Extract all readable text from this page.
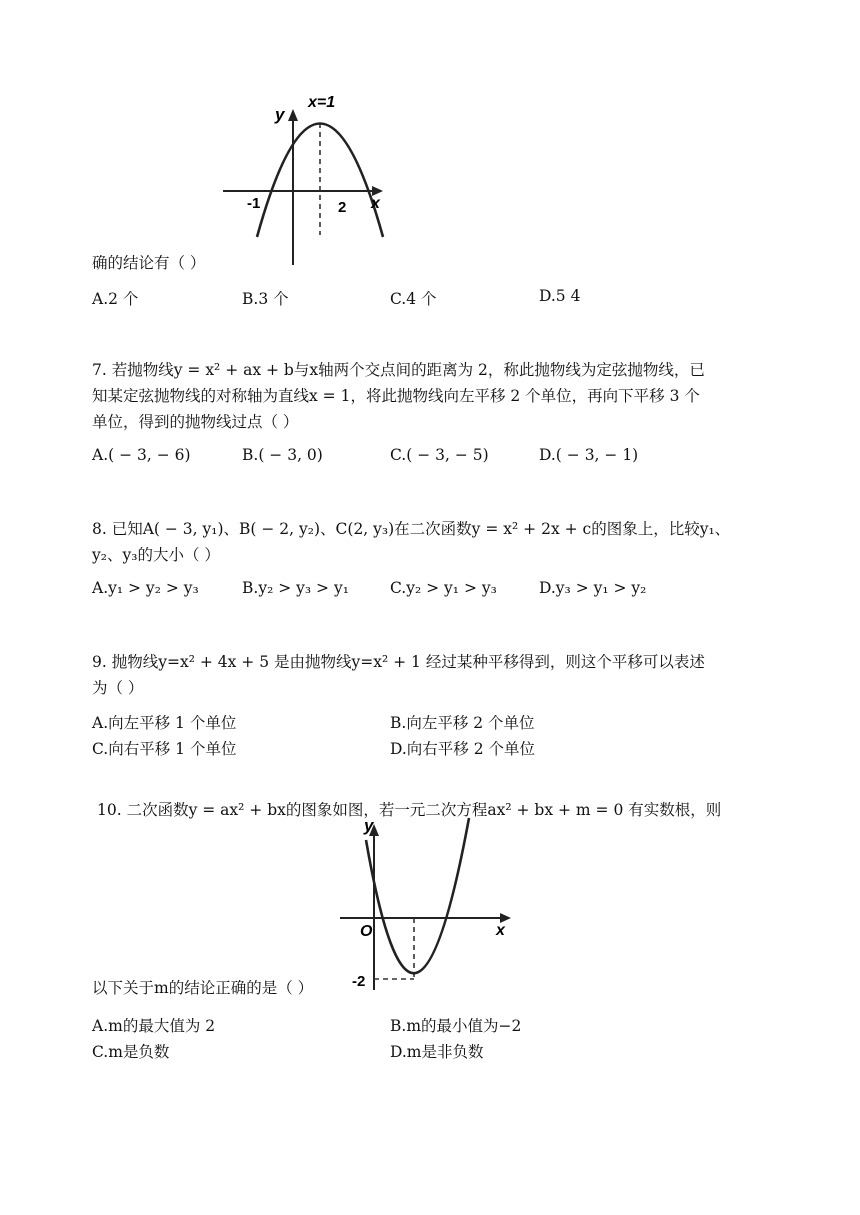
y
x=1
-1	2 x
确的结论有（ ）
A.2 个	B.3 个	C.4 个	D.5 4
7. 若抛物线y = x² + ax + b与x轴两个交点间的距离为 2，称此抛物线为定弦抛物线，已
知某定弦抛物线的对称轴为直线x = 1，将此抛物线向左平移 2 个单位，再向下平移 3 个
单位，得到的抛物线过点（ ）
A.( − 3, − 6)	B.( − 3, 0)	C.( − 3, − 5)	D.( − 3, − 1)
8. 已知A( − 3, y₁)、B( − 2, y₂)、C(2, y₃)在二次函数y = x² + 2x + c的图象上，比较y₁、
y₂、y₃的大小（ ）
A.y₁ > y₂ > y₃	B.y₂ > y₃ > y₁	C.y₂ > y₁ > y₃	D.y₃ > y₁ > y₂
9. 抛物线y=x² + 4x + 5 是由抛物线y=x² + 1 经过某种平移得到，则这个平移可以表述
为（ ）
A.向左平移 1 个单位	B.向左平移 2 个单位
C.向右平移 1 个单位	D.向右平移 2 个单位
10. 二次函数y = ax² + bx的图象如图，若一元二次方程ax² + bx + m = 0 有实数根，则
y
O
-2
x
以下关于m的结论正确的是（ ）
A.m的最大值为 2	B.m的最小值为−2
C.m是负数	D.m是非负数
